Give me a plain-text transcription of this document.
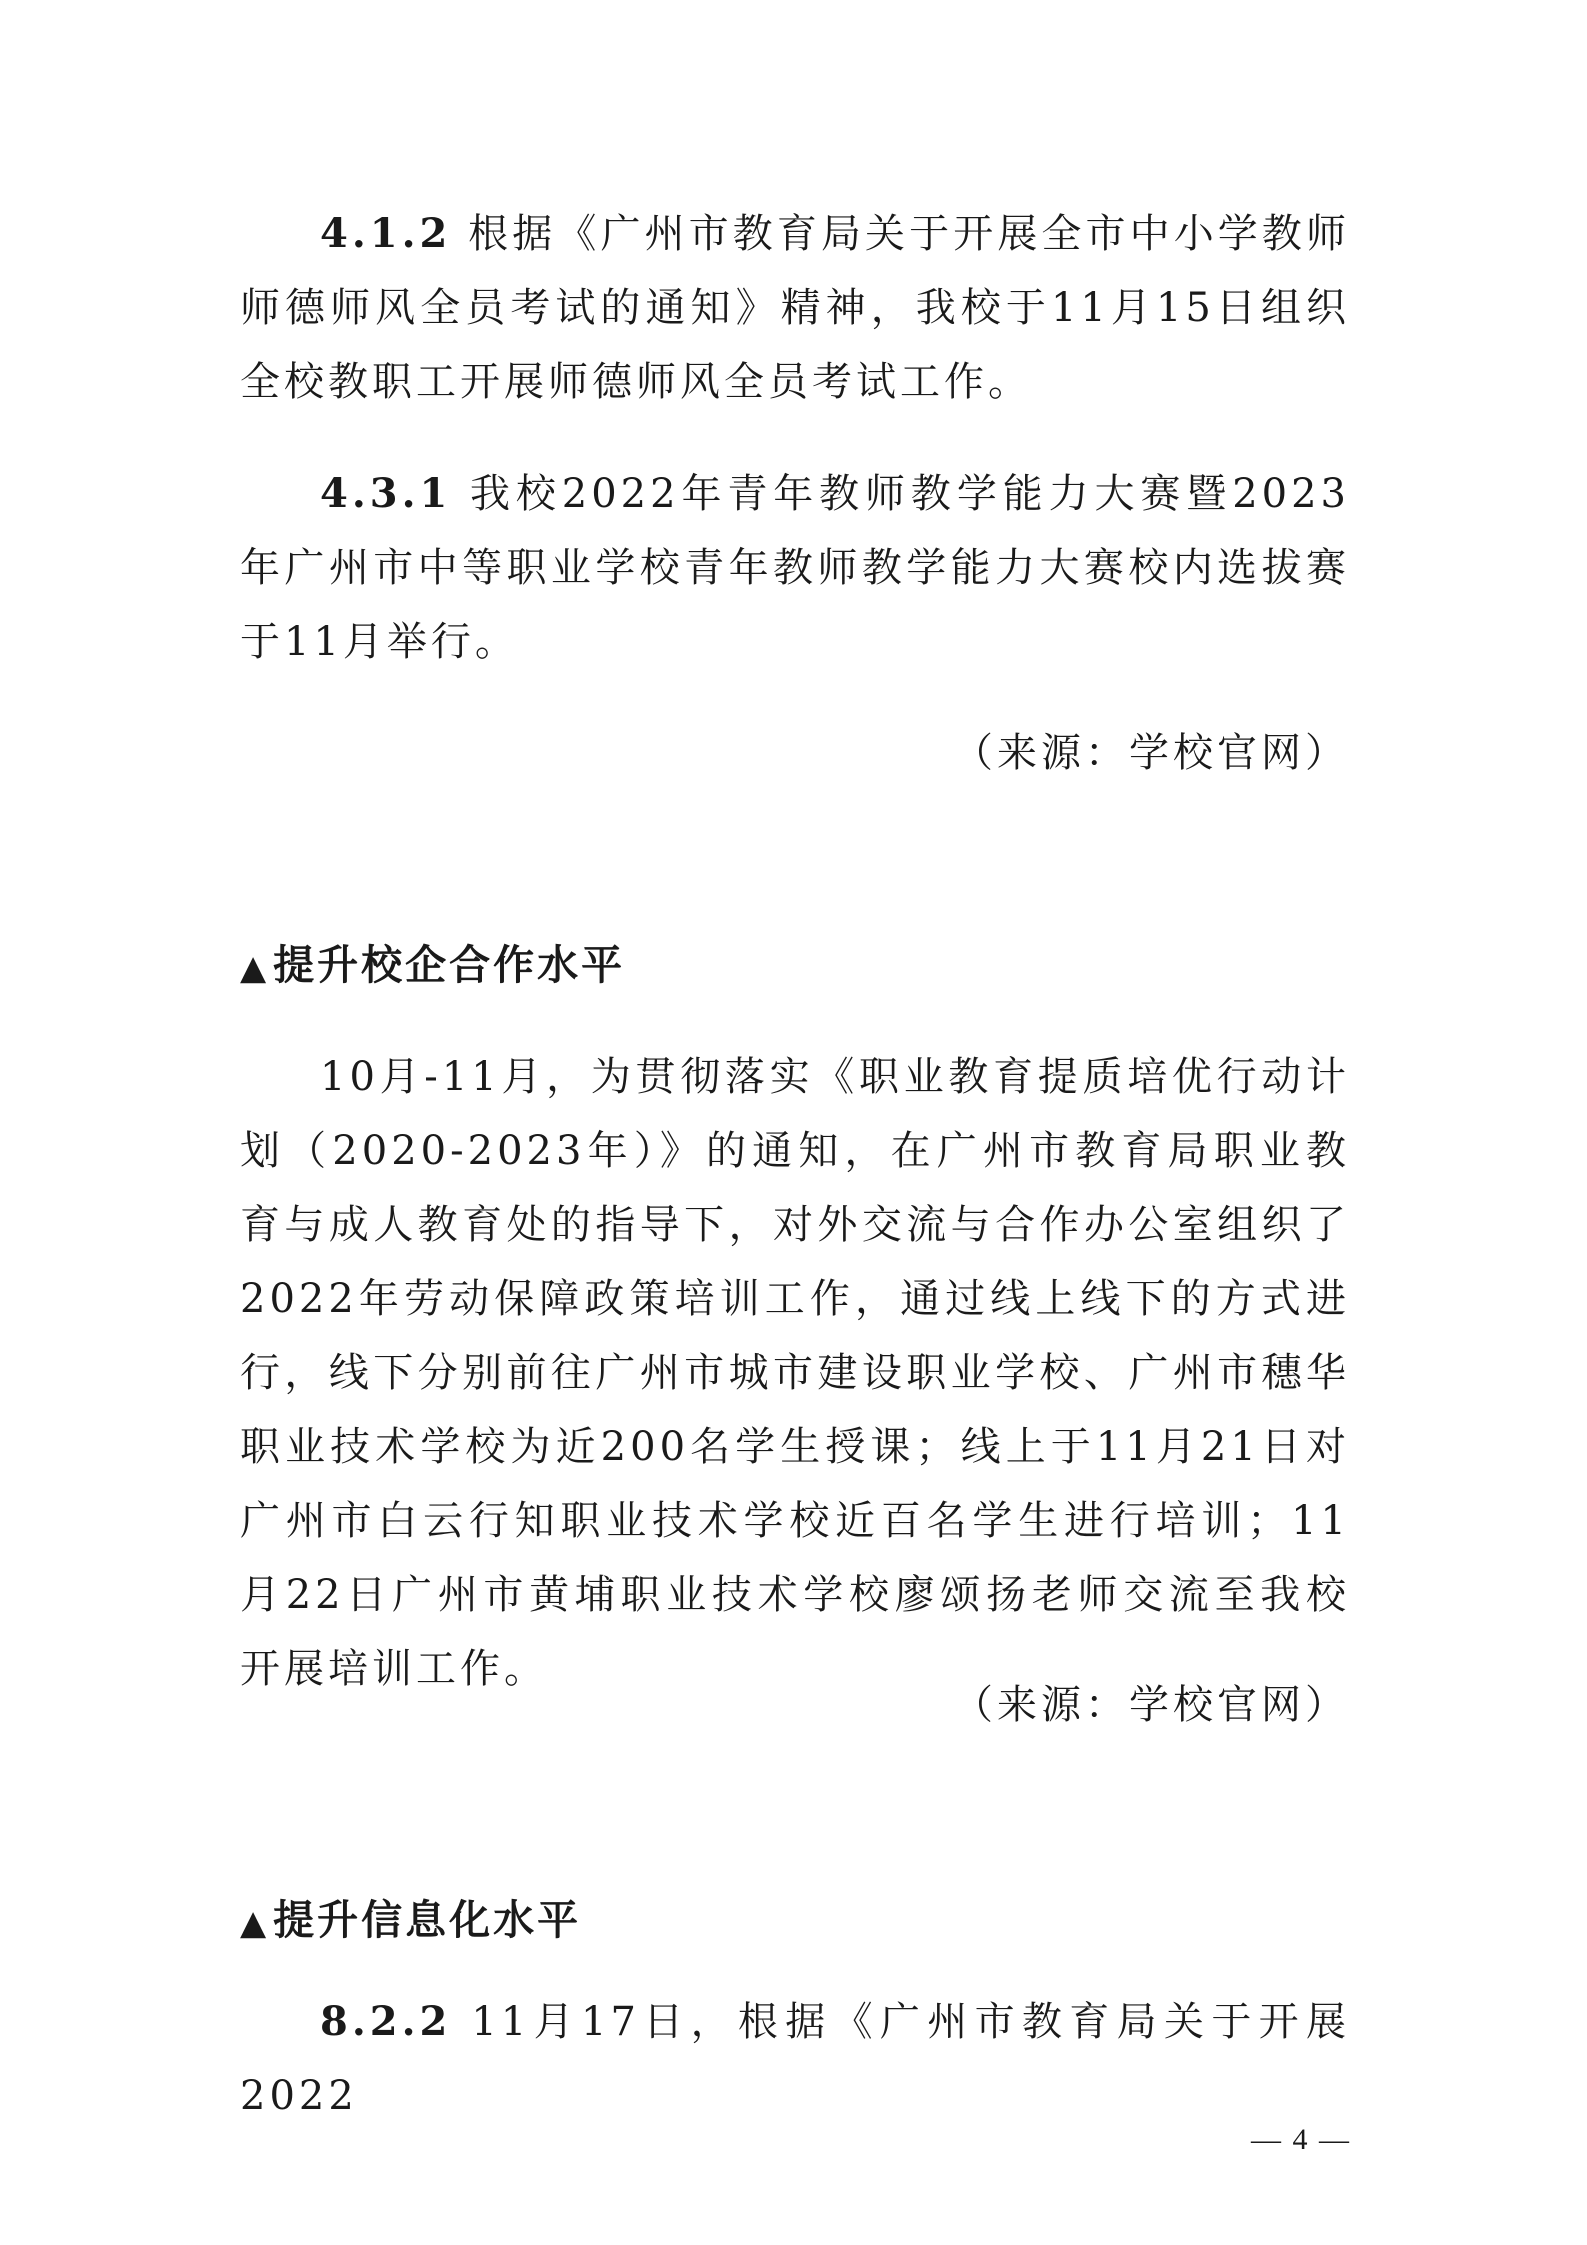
4.1.2 根据《广州市教育局关于开展全市中小学教师师德师风全员考试的通知》精神，我校于11月15日组织全校教职工开展师德师风全员考试工作。

4.3.1 我校2022年青年教师教学能力大赛暨2023年广州市中等职业学校青年教师教学能力大赛校内选拔赛于11月举行。

（来源：学校官网）
▲提升校企合作水平

10月-11月，为贯彻落实《职业教育提质培优行动计划（2020-2023年）》的通知，在广州市教育局职业教育与成人教育处的指导下，对外交流与合作办公室组织了2022年劳动保障政策培训工作，通过线上线下的方式进行，线下分别前往广州市城市建设职业学校、广州市穗华职业技术学校为近200名学生授课；线上于11月21日对广州市白云行知职业技术学校近百名学生进行培训；11月22日广州市黄埔职业技术学校廖颂扬老师交流至我校开展培训工作。

（来源：学校官网）
▲提升信息化水平

8.2.2 11月17日，根据《广州市教育局关于开展2022

— 4 —
